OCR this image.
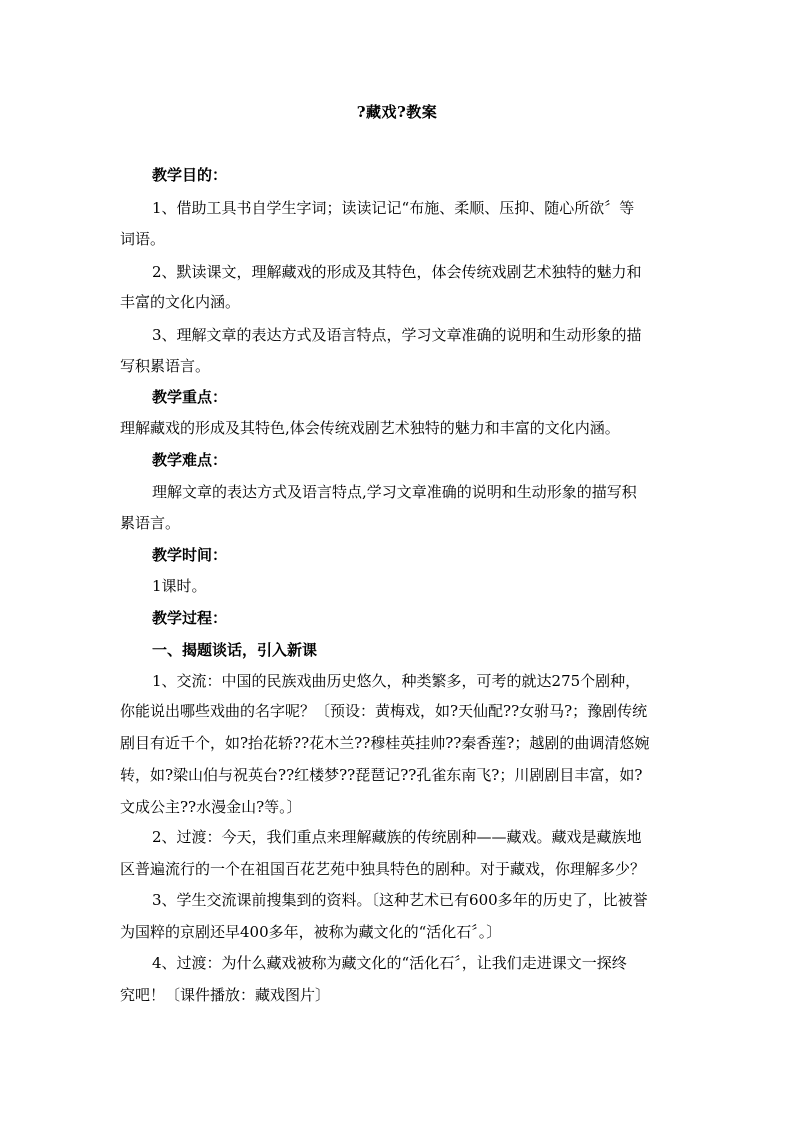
?藏戏?教案
教学目的：
1、借助工具书自学生字词；读读记记“布施、柔顺、压抑、随心所欲〞等
词语。
2、默读课文，理解藏戏的形成及其特色，体会传统戏剧艺术独特的魅力和
丰富的文化内涵。
3、理解文章的表达方式及语言特点，学习文章准确的说明和生动形象的描
写积累语言。
教学重点：
理解藏戏的形成及其特色,体会传统戏剧艺术独特的魅力和丰富的文化内涵。
教学难点：
理解文章的表达方式及语言特点,学习文章准确的说明和生动形象的描写积
累语言。
教学时间：
1课时。
教学过程：
一、揭题谈话，引入新课
1、交流：中国的民族戏曲历史悠久，种类繁多，可考的就达275个剧种，
你能说出哪些戏曲的名字呢？〔预设：黄梅戏，如?天仙配??女驸马?；豫剧传统
剧目有近千个，如?抬花轿??花木兰??穆桂英挂帅??秦香莲?；越剧的曲调清悠婉
转，如?梁山伯与祝英台??红楼梦??琵琶记??孔雀东南飞?；川剧剧目丰富，如?
文成公主??水漫金山?等。〕
2、过渡：今天，我们重点来理解藏族的传统剧种——藏戏。藏戏是藏族地
区普遍流行的一个在祖国百花艺苑中独具特色的剧种。对于藏戏，你理解多少？
3、学生交流课前搜集到的资料。〔这种艺术已有600多年的历史了，比被誉
为国粹的京剧还早400多年，被称为藏文化的“活化石〞。〕
4、过渡：为什么藏戏被称为藏文化的“活化石〞，让我们走进课文一探终
究吧！〔课件播放：藏戏图片〕
